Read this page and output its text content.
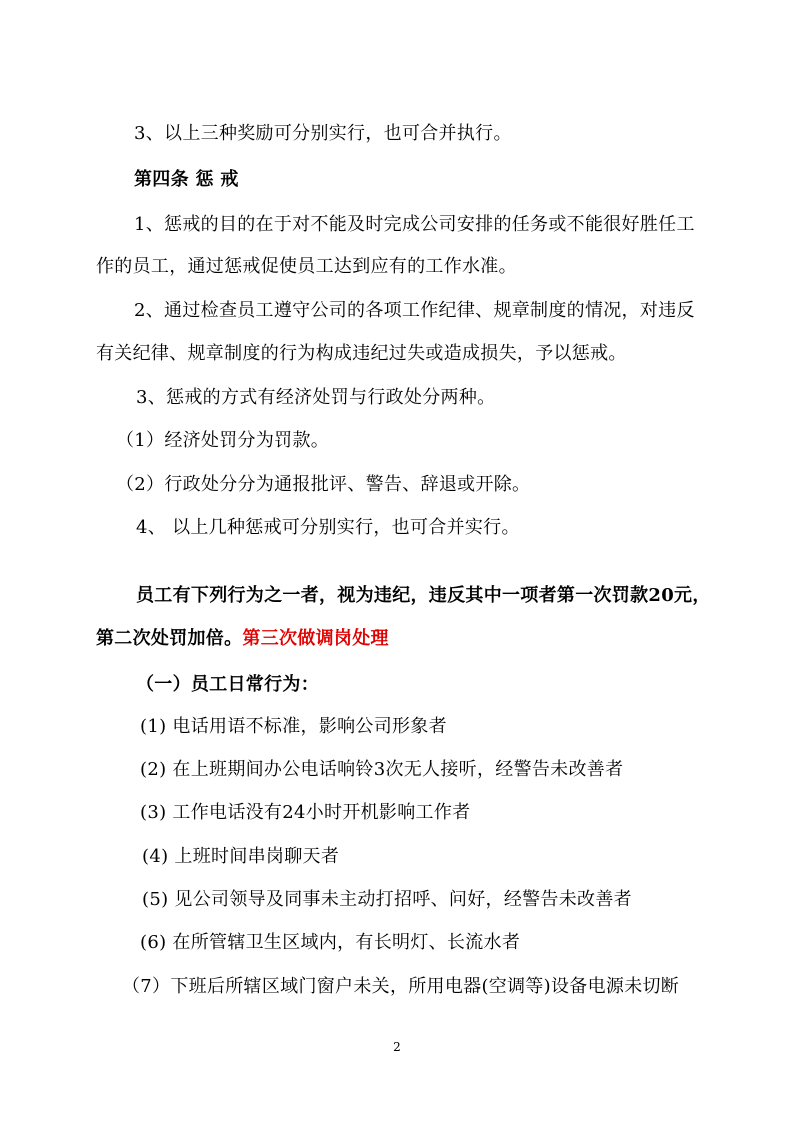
3、以上三种奖励可分别实行，也可合并执行。
第四条 惩 戒
1、惩戒的目的在于对不能及时完成公司安排的任务或不能很好胜任工
作的员工，通过惩戒促使员工达到应有的工作水准。
2、通过检查员工遵守公司的各项工作纪律、规章制度的情况，对违反
有关纪律、规章制度的行为构成违纪过失或造成损失，予以惩戒。
3、惩戒的方式有经济处罚与行政处分两种。
（1）经济处罚分为罚款。
（2）行政处分分为通报批评、警告、辞退或开除。
4、 以上几种惩戒可分别实行，也可合并实行。
员工有下列行为之一者，视为违纪，违反其中一项者第一次罚款20元，
第二次处罚加倍。第三次做调岗处理
（一）员工日常行为：
(1) 电话用语不标准，影响公司形象者
(2) 在上班期间办公电话响铃3次无人接听，经警告未改善者
(3) 工作电话没有24小时开机影响工作者
(4) 上班时间串岗聊天者
(5) 见公司领导及同事未主动打招呼、问好，经警告未改善者
(6) 在所管辖卫生区域内，有长明灯、长流水者
（7）下班后所辖区域门窗户未关，所用电器(空调等)设备电源未切断
2
